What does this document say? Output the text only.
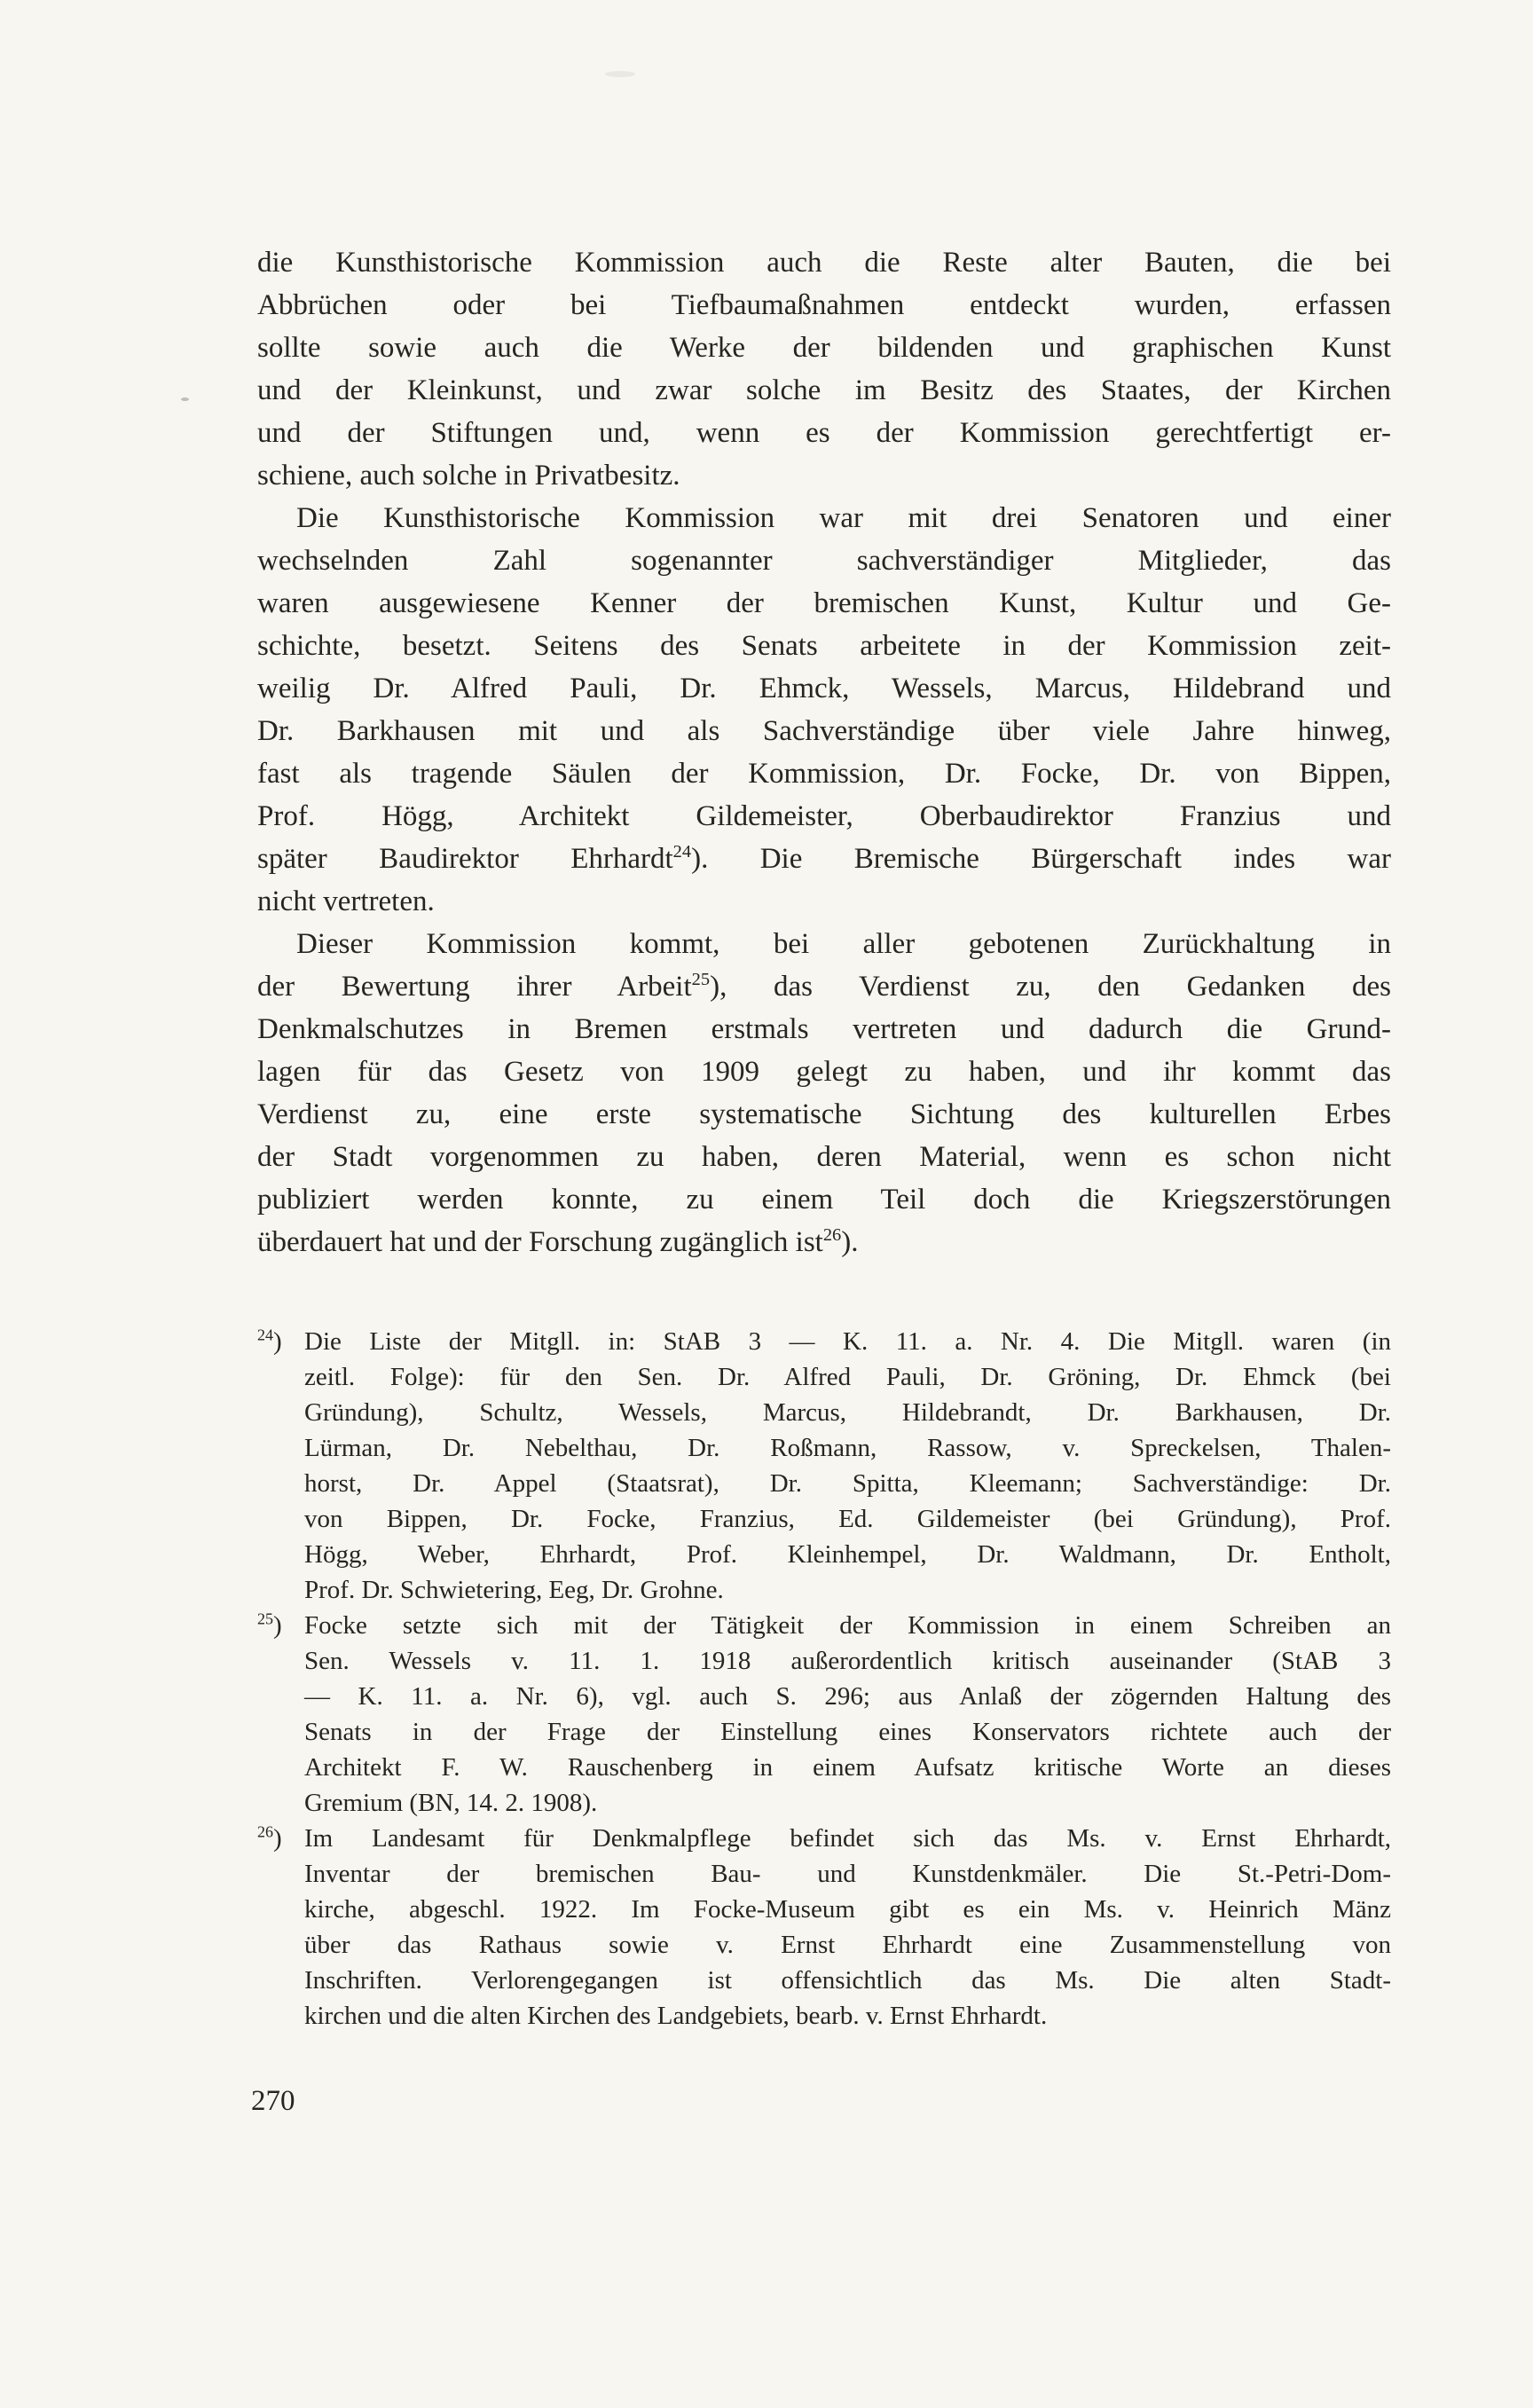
die Kunsthistorische Kommission auch die Reste alter Bauten, die bei
Abbrüchen oder bei Tiefbaumaßnahmen entdeckt wurden, erfassen
sollte sowie auch die Werke der bildenden und graphischen Kunst
und der Kleinkunst, und zwar solche im Besitz des Staates, der Kirchen
und der Stiftungen und, wenn es der Kommission gerechtfertigt er-
schiene, auch solche in Privatbesitz.
Die Kunsthistorische Kommission war mit drei Senatoren und einer
wechselnden Zahl sogenannter sachverständiger Mitglieder, das
waren ausgewiesene Kenner der bremischen Kunst, Kultur und Ge-
schichte, besetzt. Seitens des Senats arbeitete in der Kommission zeit-
weilig Dr. Alfred Pauli, Dr. Ehmck, Wessels, Marcus, Hildebrand und
Dr. Barkhausen mit und als Sachverständige über viele Jahre hinweg,
fast als tragende Säulen der Kommission, Dr. Focke, Dr. von Bippen,
Prof. Högg, Architekt Gildemeister, Oberbaudirektor Franzius und
später Baudirektor Ehrhardt$^{24}$). Die Bremische Bürgerschaft indes war
nicht vertreten.
Dieser Kommission kommt, bei aller gebotenen Zurückhaltung in
der Bewertung ihrer Arbeit$^{25}$), das Verdienst zu, den Gedanken des
Denkmalschutzes in Bremen erstmals vertreten und dadurch die Grund-
lagen für das Gesetz von 1909 gelegt zu haben, und ihr kommt das
Verdienst zu, eine erste systematische Sichtung des kulturellen Erbes
der Stadt vorgenommen zu haben, deren Material, wenn es schon nicht
publiziert werden konnte, zu einem Teil doch die Kriegszerstörungen
überdauert hat und der Forschung zugänglich ist$^{26}$).
$^{24}$) Die Liste der Mitgll. in: StAB 3 — K. 11. a. Nr. 4. Die Mitgll. waren (in
zeitl. Folge): für den Sen. Dr. Alfred Pauli, Dr. Gröning, Dr. Ehmck (bei
Gründung), Schultz, Wessels, Marcus, Hildebrandt, Dr. Barkhausen, Dr.
Lürman, Dr. Nebelthau, Dr. Roßmann, Rassow, v. Spreckelsen, Thalen-
horst, Dr. Appel (Staatsrat), Dr. Spitta, Kleemann; Sachverständige: Dr.
von Bippen, Dr. Focke, Franzius, Ed. Gildemeister (bei Gründung), Prof.
Högg, Weber, Ehrhardt, Prof. Kleinhempel, Dr. Waldmann, Dr. Entholt,
Prof. Dr. Schwietering, Eeg, Dr. Grohne.
$^{25}$) Focke setzte sich mit der Tätigkeit der Kommission in einem Schreiben an
Sen. Wessels v. 11. 1. 1918 außerordentlich kritisch auseinander (StAB 3
— K. 11. a. Nr. 6), vgl. auch S. 296; aus Anlaß der zögernden Haltung des
Senats in der Frage der Einstellung eines Konservators richtete auch der
Architekt F. W. Rauschenberg in einem Aufsatz kritische Worte an dieses
Gremium (BN, 14. 2. 1908).
$^{26}$) Im Landesamt für Denkmalpflege befindet sich das Ms. v. Ernst Ehrhardt,
Inventar der bremischen Bau- und Kunstdenkmäler. Die St.-Petri-Dom-
kirche, abgeschl. 1922. Im Focke-Museum gibt es ein Ms. v. Heinrich Mänz
über das Rathaus sowie v. Ernst Ehrhardt eine Zusammenstellung von
Inschriften. Verlorengegangen ist offensichtlich das Ms. Die alten Stadt-
kirchen und die alten Kirchen des Landgebiets, bearb. v. Ernst Ehrhardt.
270
